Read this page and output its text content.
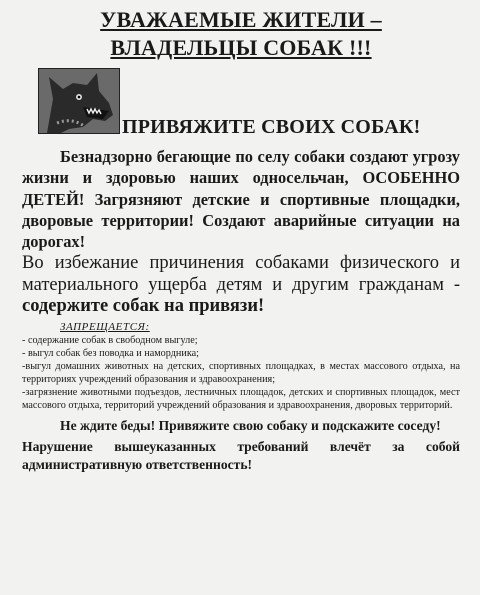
УВАЖАЕМЫЕ ЖИТЕЛИ –

ВЛАДЕЛЬЦЫ СОБАК !!!

ПРИВЯЖИТЕ СВОИХ СОБАК!

Безнадзорно бегающие по селу собаки создают угрозу жизни и здоровью наших односельчан, ОСОБЕННО ДЕТЕЙ! Загрязняют детские и спортивные площадки, дворовые территории! Создают аварийные ситуации на дорогах!

Во избежание причинения собаками физического и материального ущерба детям и другим гражданам - содержите собак на привязи!

ЗАПРЕЩАЕТСЯ:

- содержание собак в свободном выгуле;
- выгул собак без поводка и намордника;
-выгул домашних животных на детских, спортивных площадках, в местах массового отдыха, на территориях учреждений образования и здравоохранения;
-загрязнение животными подъездов, лестничных площадок, детских и спортивных площадок, мест массового отдыха, территорий учреждений образования и здравоохранения, дворовых территорий.

Не ждите беды! Привяжите свою собаку и подскажите соседу!

Нарушение вышеуказанных требований влечёт за собой административную ответственность!
